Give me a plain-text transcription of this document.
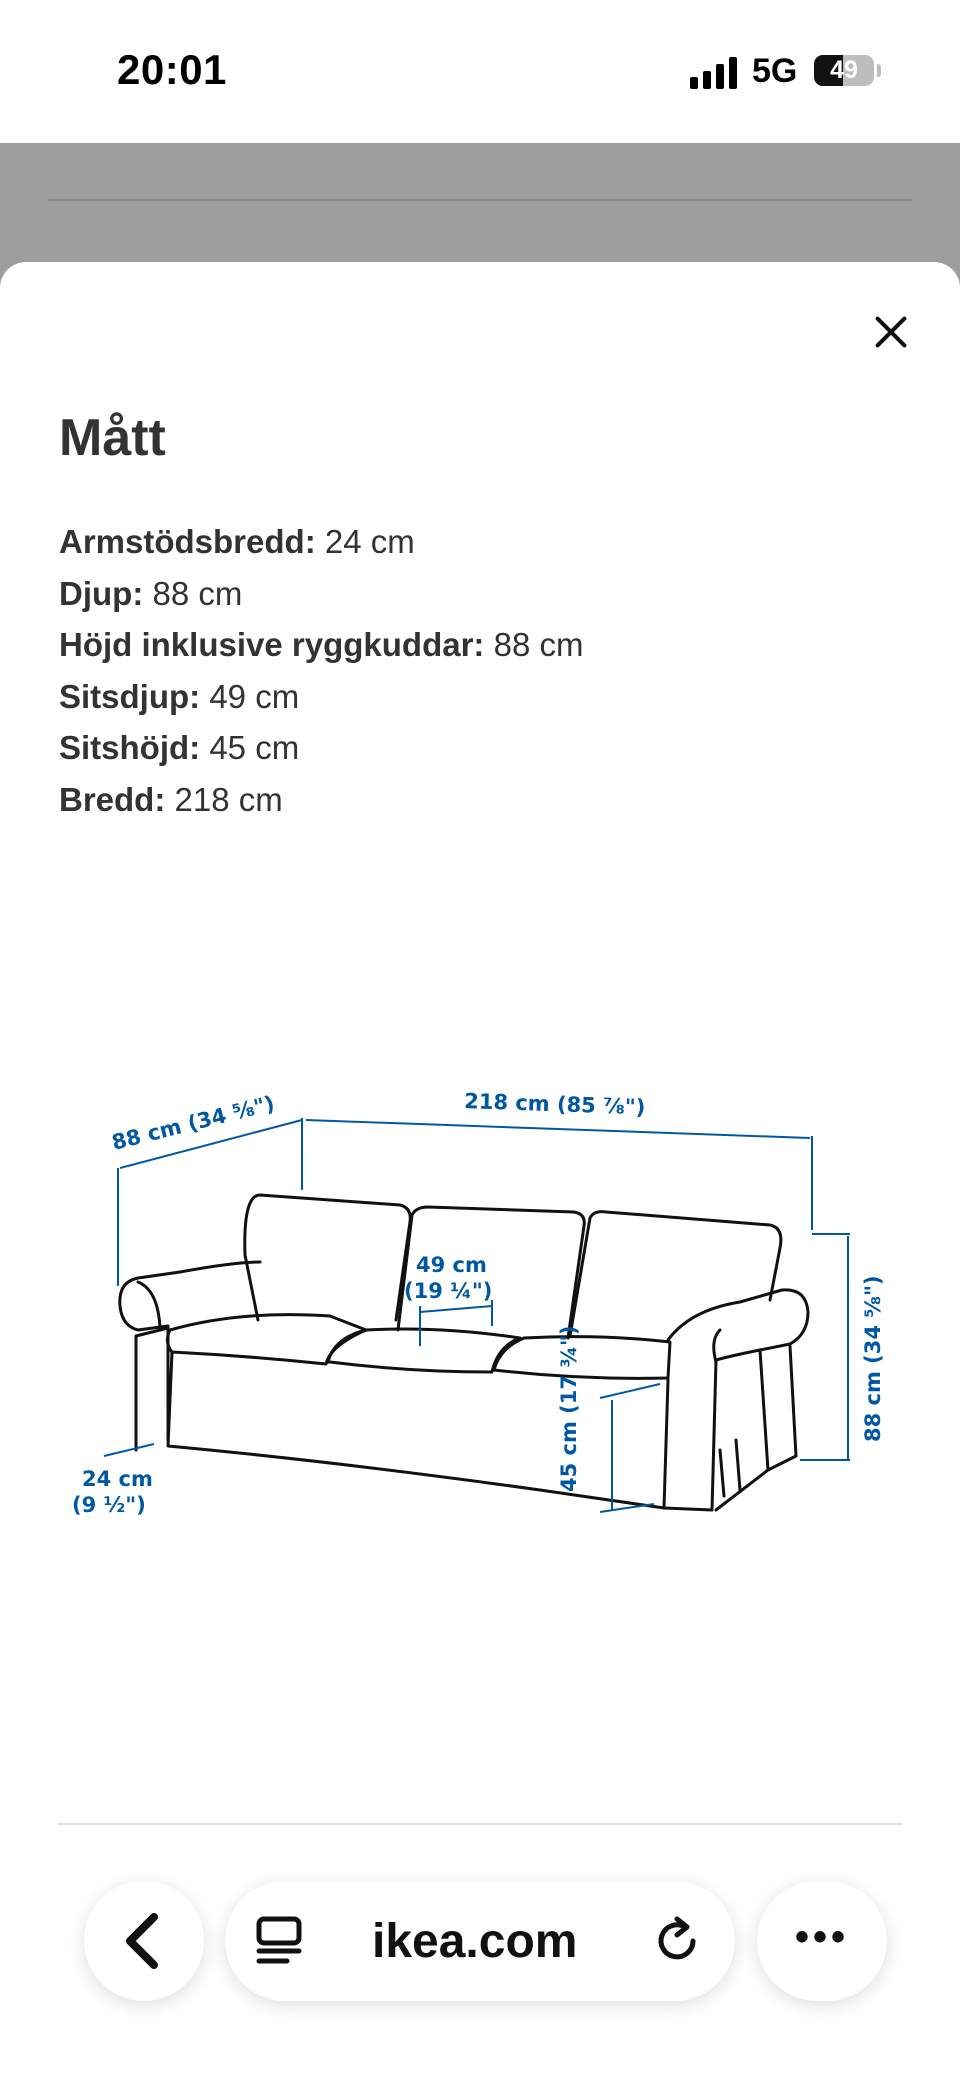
20:01	5G	49
Mått
Armstödsbredd: 24 cm
Djup: 88 cm
Höjd inklusive ryggkuddar: 88 cm
Sitsdjup: 49 cm
Sitshöjd: 45 cm
Bredd: 218 cm
88 cm (34 ⅝")	218 cm (85 ⅞")
49 cm
(19 ¼")	88 cm (34 ⅝")
45 cm (17 ¾")
24 cm
(9 ½")
ikea.com	•••
